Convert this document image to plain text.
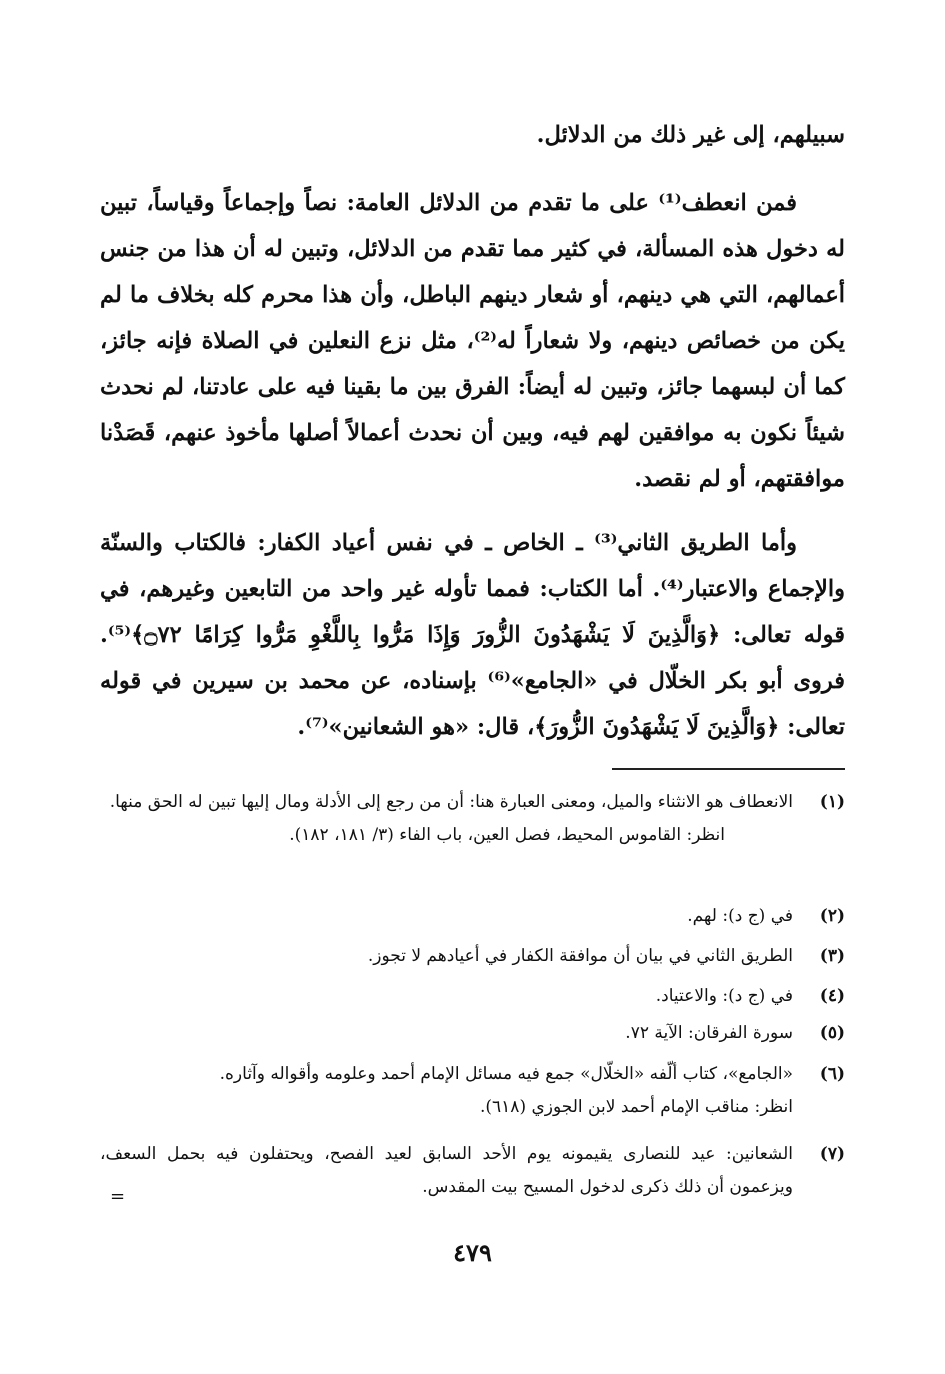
سبيلهم، إلى غير ذلك من الدلائل.

فمن انعطف⁽¹⁾ على ما تقدم من الدلائل العامة: نصاً وإجماعاً وقياساً، تبين له دخول هذه المسألة، في كثير مما تقدم من الدلائل، وتبين له أن هذا من جنس أعمالهم، التي هي دينهم، أو شعار دينهم الباطل، وأن هذا محرم كله بخلاف ما لم يكن من خصائص دينهم، ولا شعاراً له⁽²⁾، مثل نزع النعلين في الصلاة فإنه جائز، كما أن لبسهما جائز، وتبين له أيضاً: الفرق بين ما بقينا فيه على عادتنا، لم نحدث شيئاً نكون به موافقين لهم فيه، وبين أن نحدث أعمالاً أصلها مأخوذ عنهم، قَصَدْنا موافقتهم، أو لم نقصد.

وأما الطريق الثاني⁽³⁾ ـ الخاص ـ في نفس أعياد الكفار: فالكتاب والسنّة والإجماع والاعتبار⁽⁴⁾. أما الكتاب: فمما تأوله غير واحد من التابعين وغيرهم، في قوله تعالى: ﴿وَالَّذِينَ لَا يَشْهَدُونَ الزُّورَ وَإِذَا مَرُّوا بِاللَّغْوِ مَرُّوا كِرَامًا ۝٧٢﴾⁽⁵⁾. فروى أبو بكر الخلّال في «الجامع»⁽⁶⁾ بإسناده، عن محمد بن سيرين في قوله تعالى: ﴿وَالَّذِينَ لَا يَشْهَدُونَ الزُّورَ﴾، قال: «هو الشعانين»⁽⁷⁾.

(١)
الانعطاف هو الانثناء والميل، ومعنى العبارة هنا: أن من رجع إلى الأدلة ومال إليها تبين له الحق منها.
انظر: القاموس المحيط، فصل العين، باب الفاء (٣/ ١٨١، ١٨٢).
(٢)
في (ج د): لهم.
(٣)
الطريق الثاني في بيان أن موافقة الكفار في أعيادهم لا تجوز.
(٤)
في (ج د): والاعتياد.
(٥)
سورة الفرقان: الآية ٧٢.
(٦)
«الجامع»، كتاب ألّفه «الخلّال» جمع فيه مسائل الإمام أحمد وعلومه وأقواله وآثاره.
انظر: مناقب الإمام أحمد لابن الجوزي (٦١٨).
(٧)
الشعانين: عيد للنصارى يقيمونه يوم الأحد السابق لعيد الفصح، ويحتفلون فيه بحمل السعف، ويزعمون أن ذلك ذكرى لدخول المسيح بيت المقدس.
=
٤٧٩
